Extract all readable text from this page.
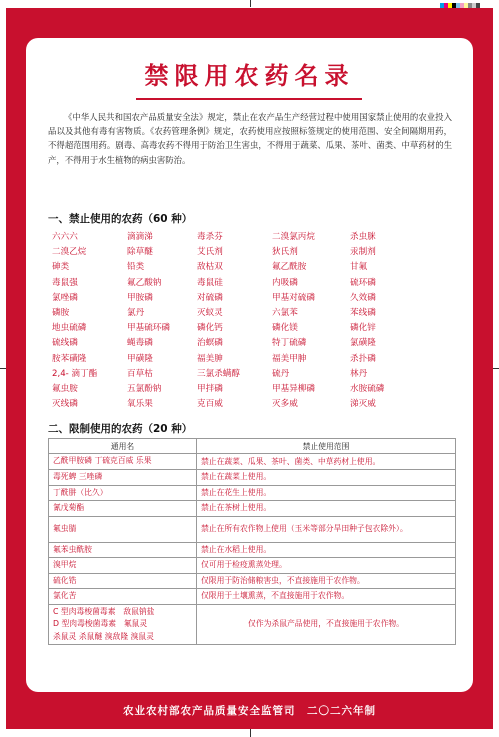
禁限用农药名录
《中华人民共和国农产品质量安全法》规定，禁止在农产品生产经营过程中使用国家禁止使用的农业投入品以及其他有毒有害物质。《农药管理条例》规定，农药使用应按照标签规定的使用范围、安全间隔期用药，不得超范围用药。剧毒、高毒农药不得用于防治卫生害虫，不得用于蔬菜、瓜果、茶叶、菌类、中草药材的生产，不得用于水生植物的病虫害防治。
一、禁止使用的农药（60 种）
六六六	滴滴涕	毒杀芬	二溴氯丙烷	杀虫脒
二溴乙烷	除草醚	艾氏剂	狄氏剂	汞制剂
砷类	铅类	敌枯双	氟乙酰胺	甘氟
毒鼠强	氟乙酸钠	毒鼠硅	内吸磷	硫环磷
氯唑磷	甲胺磷	对硫磷	甲基对硫磷	久效磷
磷胺	氯丹	灭蚁灵	六氯苯	苯线磷
地虫硫磷	甲基硫环磷	磷化钙	磷化镁	磷化锌
硫线磷	蝇毒磷	治螟磷	特丁硫磷	氯磺隆
胺苯磺隆	甲磺隆	福美胂	福美甲胂	杀扑磷
2,4- 滴丁酯	百草枯	三氯杀螨醇	硫丹	林丹
氟虫胺	五氯酚钠	甲拌磷	甲基异柳磷	水胺硫磷
灭线磷	氧乐果	克百威	灭多威	涕灭威
二、限制使用的农药（20 种）
通用名	禁止使用范围
乙酰甲胺磷 丁硫克百威 乐果	禁止在蔬菜、瓜果、茶叶、菌类、中草药材上使用。
毒死蜱 三唑磷	禁止在蔬菜上使用。
丁酰肼（比久）	禁止在花生上使用。
氰戊菊酯	禁止在茶树上使用。
氟虫腈	禁止在所有农作物上使用（玉米等部分旱田种子包衣除外）。
氟苯虫酰胺	禁止在水稻上使用。
溴甲烷	仅可用于检疫熏蒸处理。
硫化锆	仅限用于防治储粮害虫，不直接施用于农作物。
氯化苦	仅限用于土壤熏蒸，不直接施用于农作物。
C 型肉毒梭菌毒素　敌鼠钠盐
D 型肉毒梭菌毒素　氟鼠灵
杀鼠灵 杀鼠醚 溴敌隆 溴鼠灵	仅作为杀鼠产品使用，不直接施用于农作物。
农业农村部农产品质量安全监管司　二〇二六年制
